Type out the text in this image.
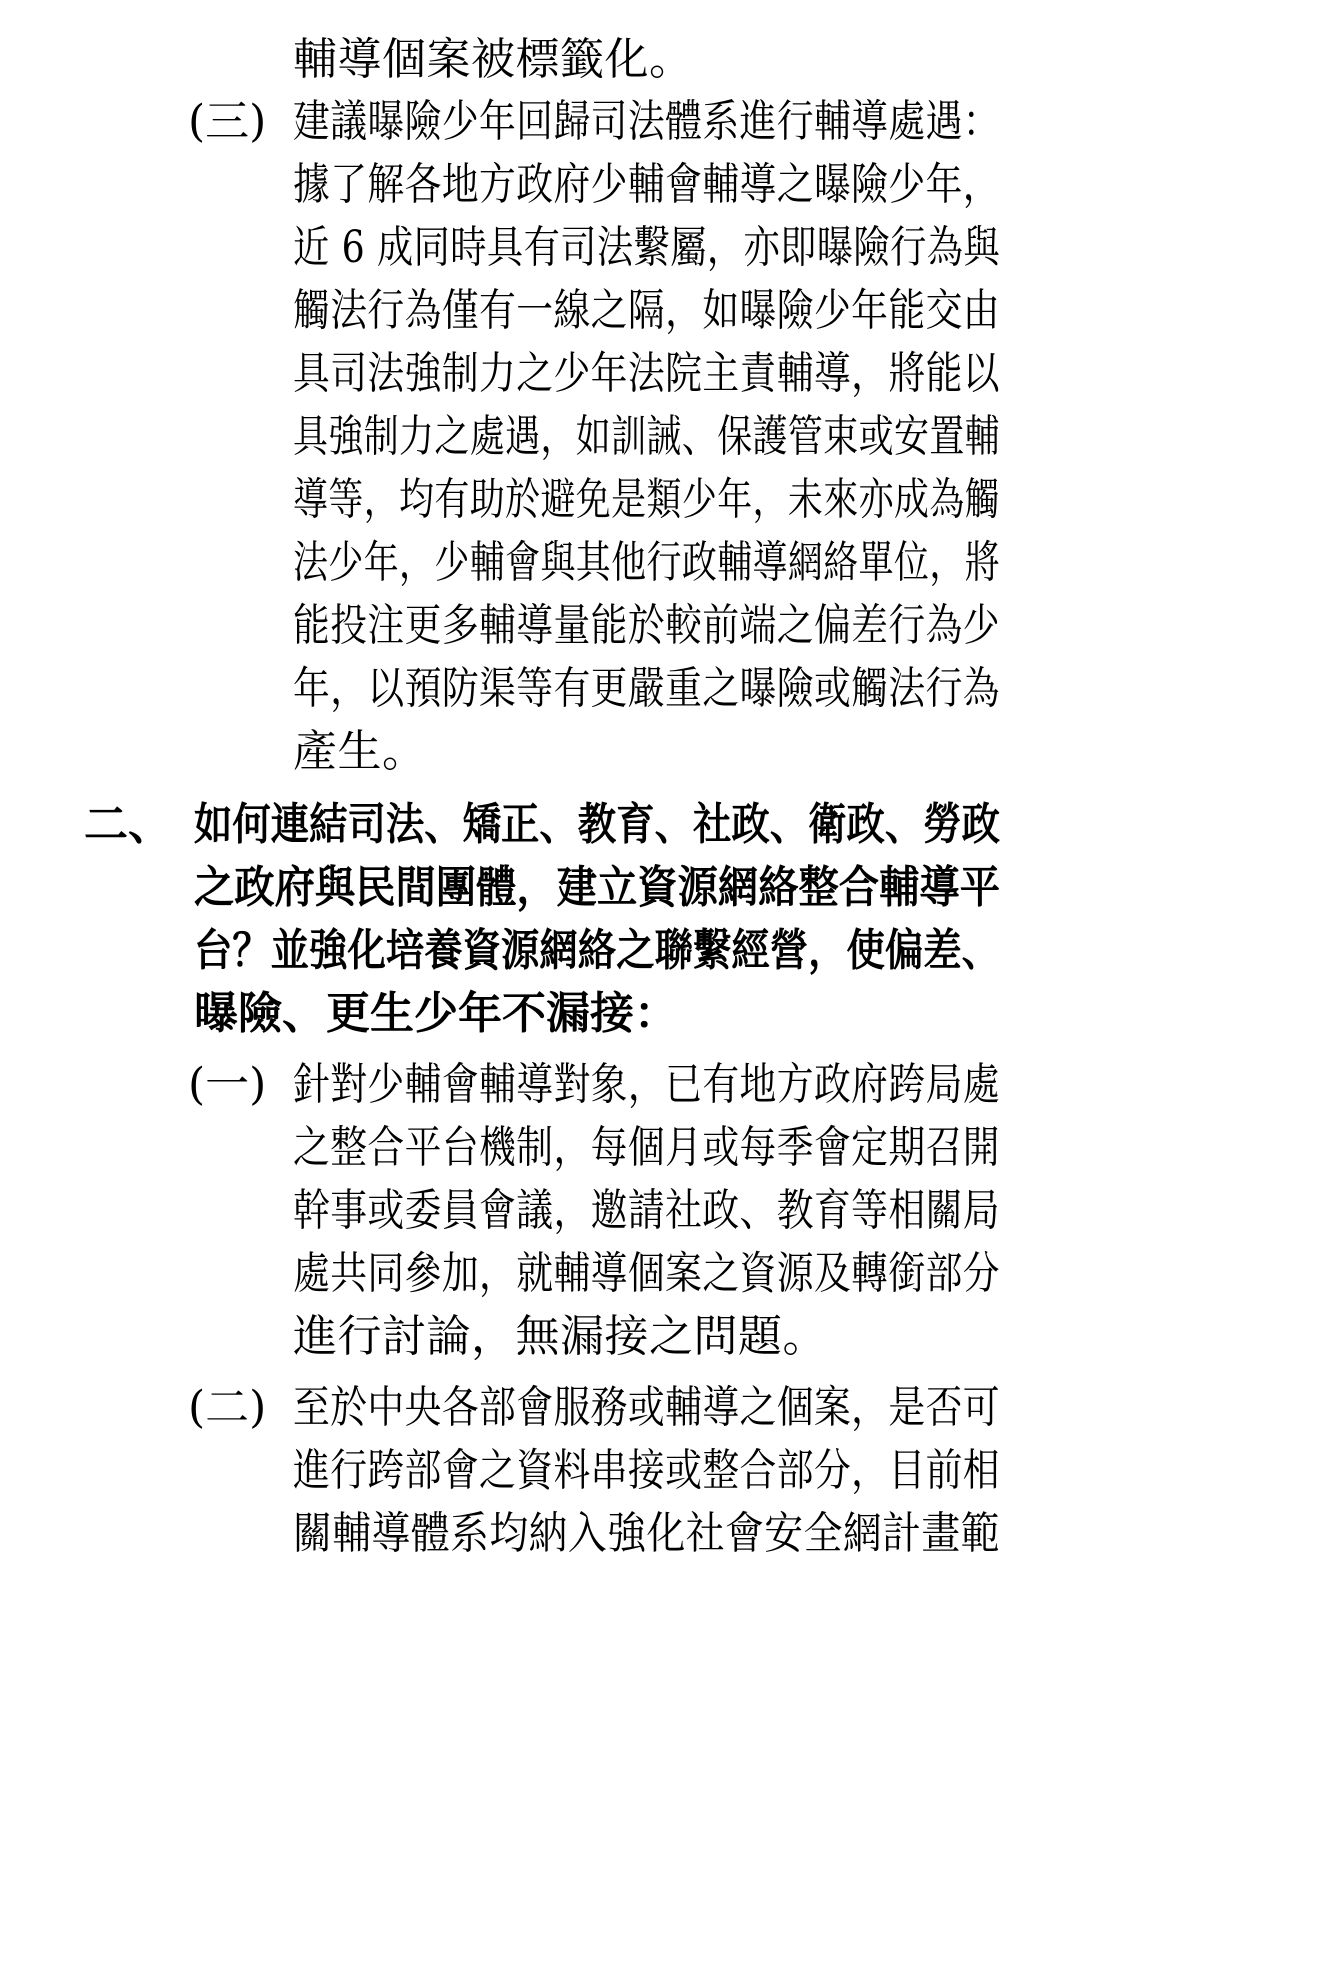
輔導個案被標籤化。
(三) 建議曝險少年回歸司法體系進行輔導處遇：
據了解各地方政府少輔會輔導之曝險少年，
近 6 成同時具有司法繫屬，亦即曝險行為與
觸法行為僅有一線之隔，如曝險少年能交由
具司法強制力之少年法院主責輔導，將能以
具強制力之處遇，如訓誡、保護管束或安置輔
導等，均有助於避免是類少年，未來亦成為觸
法少年，少輔會與其他行政輔導網絡單位，將
能投注更多輔導量能於較前端之偏差行為少
年，以預防渠等有更嚴重之曝險或觸法行為
產生。
二、 如何連結司法、矯正、教育、社政、衛政、勞政
之政府與民間團體，建立資源網絡整合輔導平
台？並強化培養資源網絡之聯繫經營，使偏差、
曝險、更生少年不漏接：
(一) 針對少輔會輔導對象，已有地方政府跨局處
之整合平台機制，每個月或每季會定期召開
幹事或委員會議，邀請社政、教育等相關局
處共同參加，就輔導個案之資源及轉銜部分
進行討論，無漏接之問題。
(二) 至於中央各部會服務或輔導之個案，是否可
進行跨部會之資料串接或整合部分，目前相
關輔導體系均納入強化社會安全網計畫範
